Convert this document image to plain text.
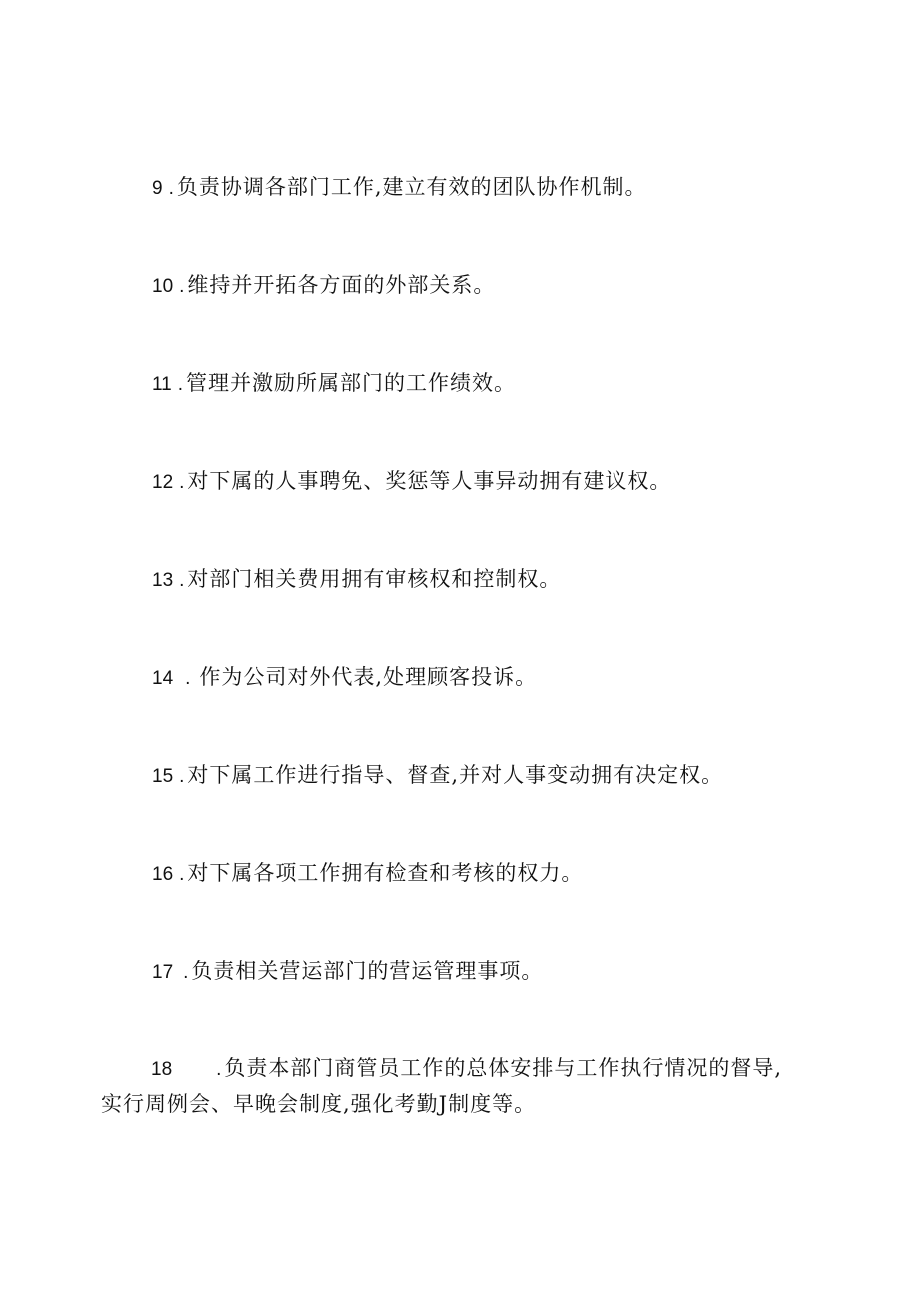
9 .负责协调各部门工作,建立有效的团队协作机制。
10 .维持并开拓各方面的外部关系。
11 .管理并激励所属部门的工作绩效。
12 .对下属的人事聘免、奖惩等人事异动拥有建议权。
13 .对部门相关费用拥有审核权和控制权。
14 . 作为公司对外代表,处理顾客投诉。
15 .对下属工作进行指导、督查,并对人事变动拥有决定权。
16 .对下属各项工作拥有检查和考核的权力。
17 .负责相关营运部门的营运管理事项。
18 .负责本部门商管员工作的总体安排与工作执行情况的督导,
实行周例会、早晚会制度,强化考勤J制度等。
